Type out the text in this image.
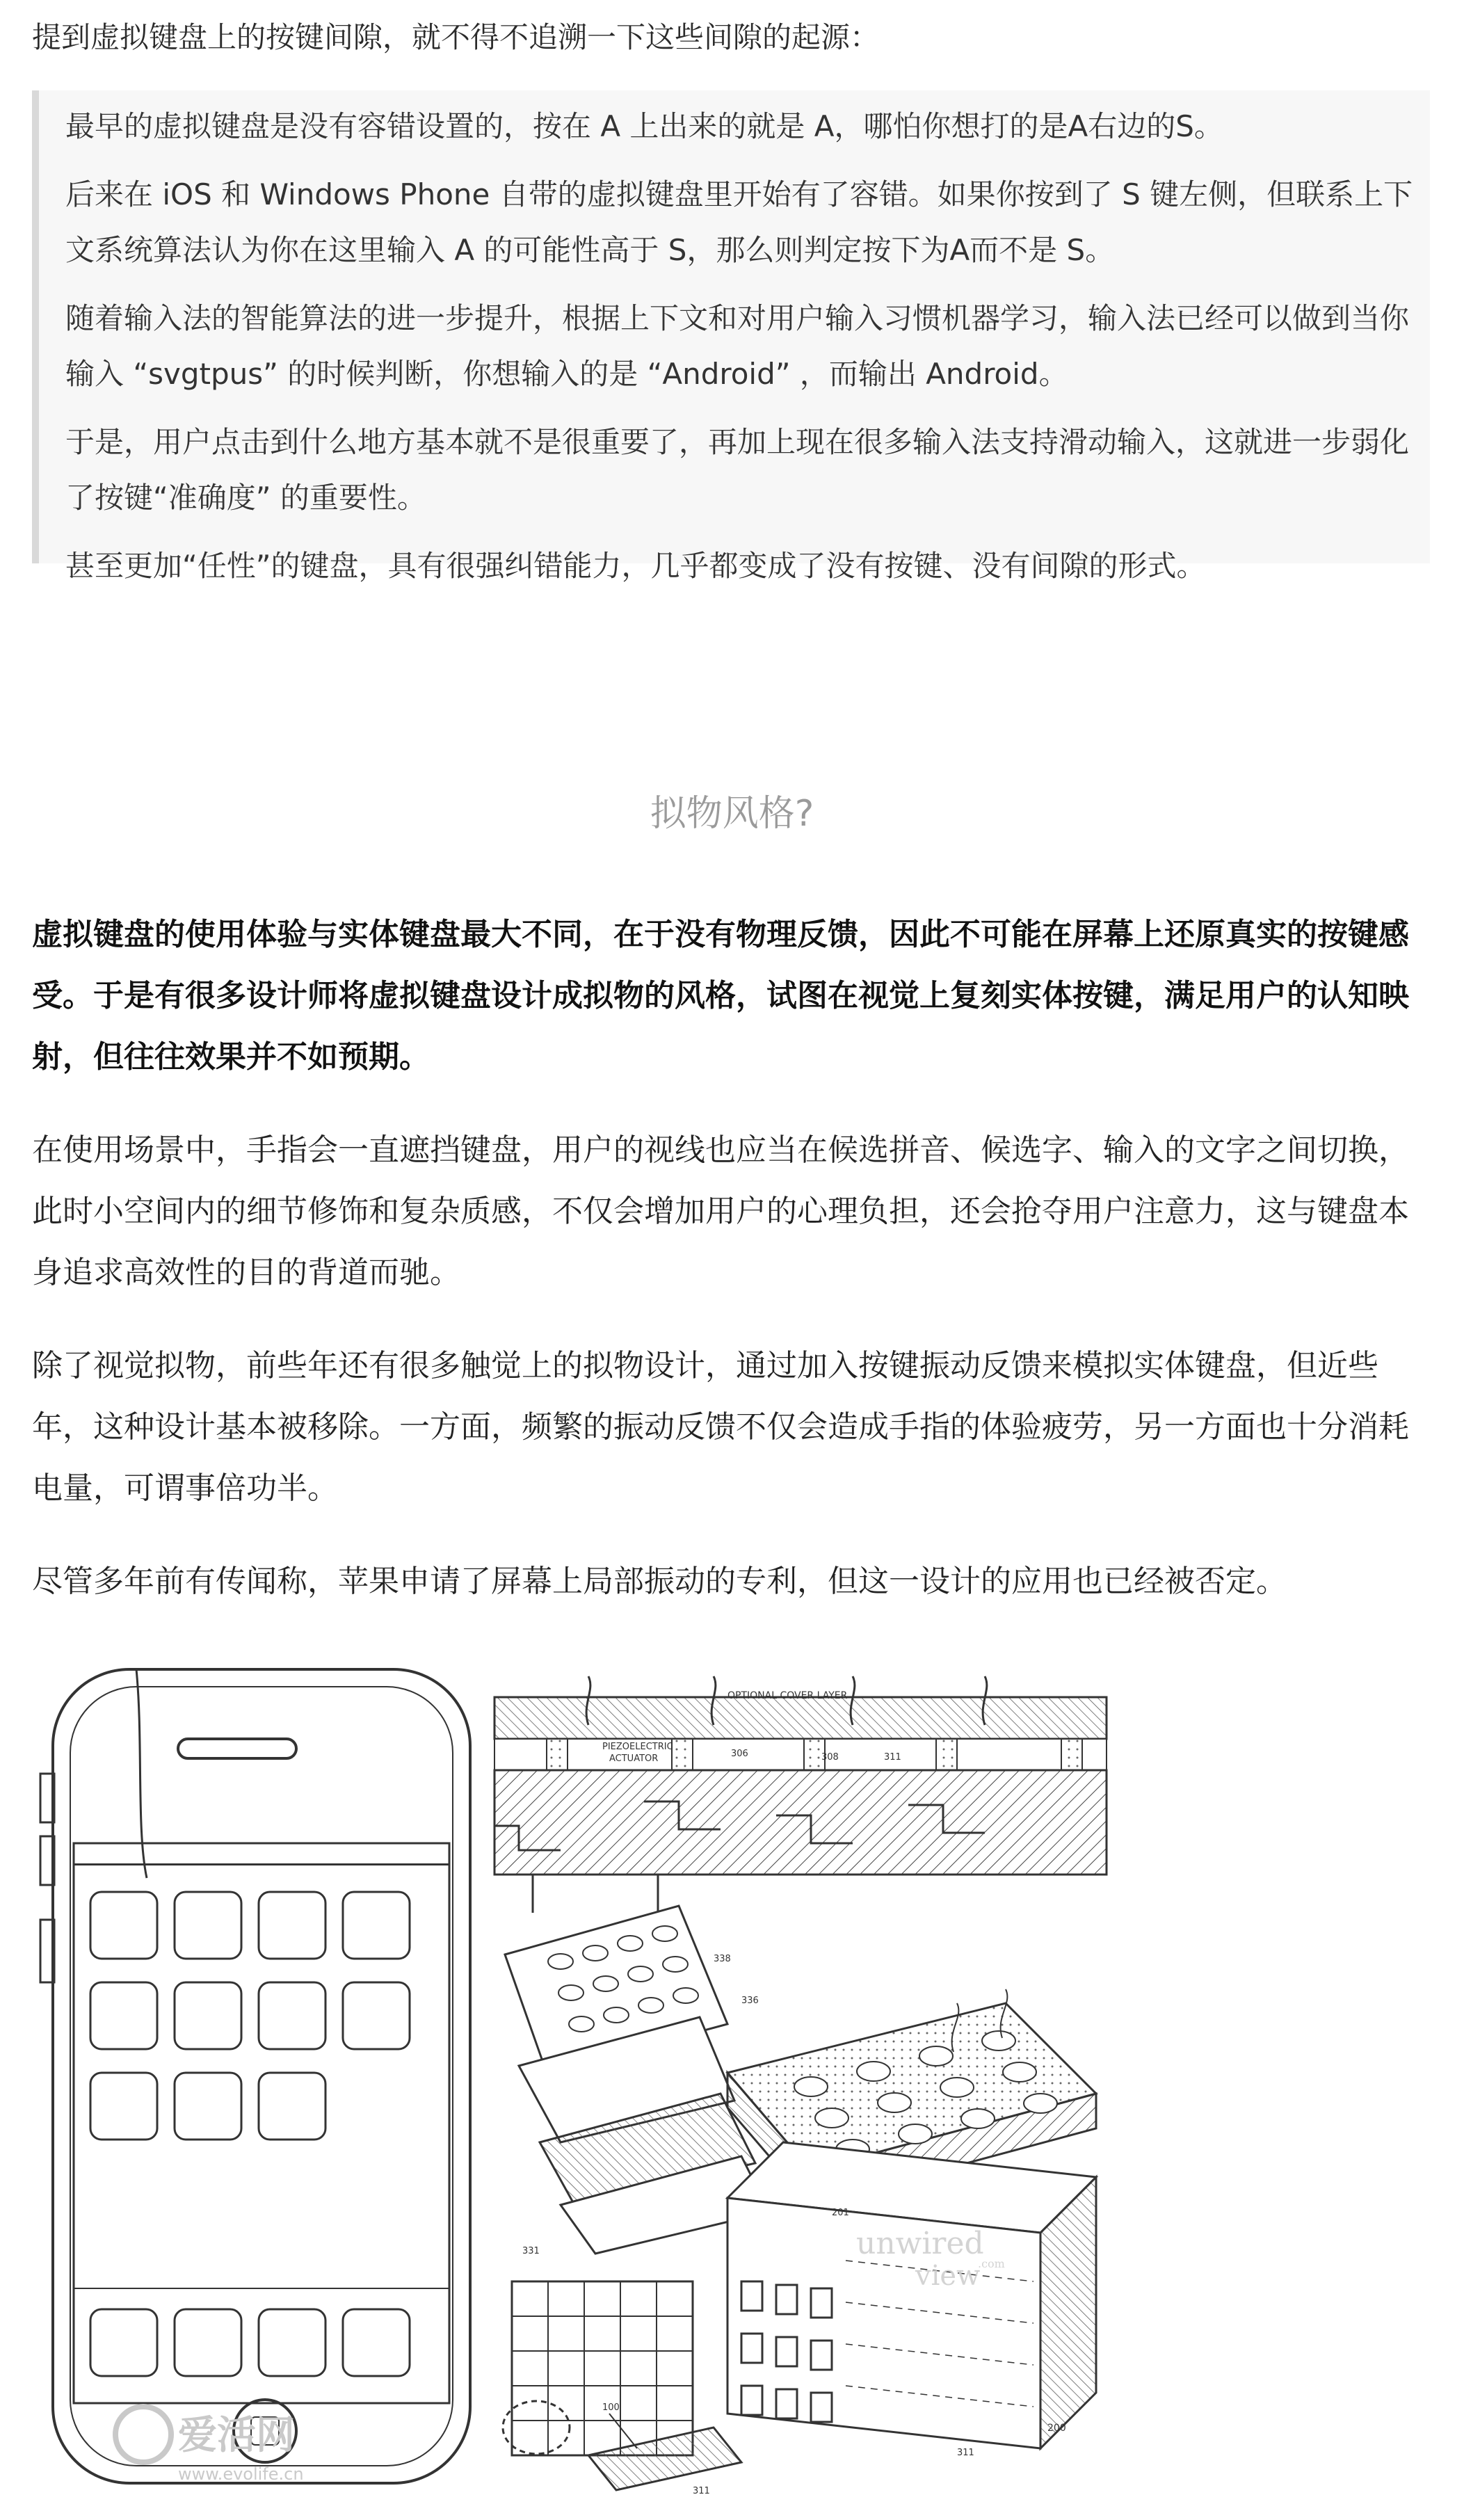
提到虚拟键盘上的按键间隙，就不得不追溯一下这些间隙的起源：

最早的虚拟键盘是没有容错设置的，按在 A 上出来的就是 A，哪怕你想打的是A右边的S。

后来在 iOS 和 Windows Phone 自带的虚拟键盘里开始有了容错。如果你按到了 S 键左侧，但联系上下文系统算法认为你在这里输入 A 的可能性高于 S，那么则判定按下为A而不是 S。

随着输入法的智能算法的进一步提升，根据上下文和对用户输入习惯机器学习，输入法已经可以做到当你输入 “svgtpus” 的时候判断，你想输入的是 “Android” ，而输出 Android。

于是，用户点击到什么地方基本就不是很重要了，再加上现在很多输入法支持滑动输入，这就进一步弱化了按键“准确度” 的重要性。

甚至更加“任性”的键盘，具有很强纠错能力，几乎都变成了没有按键、没有间隙的形式。

拟物风格?

虚拟键盘的使用体验与实体键盘最大不同，在于没有物理反馈，因此不可能在屏幕上还原真实的按键感受。于是有很多设计师将虚拟键盘设计成拟物的风格，试图在视觉上复刻实体按键，满足用户的认知映射，但往往效果并不如预期。

在使用场景中，手指会一直遮挡键盘，用户的视线也应当在候选拼音、候选字、输入的文字之间切换，此时小空间内的细节修饰和复杂质感，不仅会增加用户的心理负担，还会抢夺用户注意力，这与键盘本身追求高效性的目的背道而驰。

除了视觉拟物，前些年还有很多触觉上的拟物设计，通过加入按键振动反馈来模拟实体键盘，但近些年，这种设计基本被移除。一方面，频繁的振动反馈不仅会造成手指的体验疲劳，另一方面也十分消耗电量，可谓事倍功半。

尽管多年前有传闻称，苹果申请了屏幕上局部振动的专利，但这一设计的应用也已经被否定。

OPTIONAL COVER LAYER
PIEZOELECTRIC
ACTUATOR	306	308	311
338
331
336
201
200
311
100
311
unwired
view
.com
爱活网
www.evolife.cn
